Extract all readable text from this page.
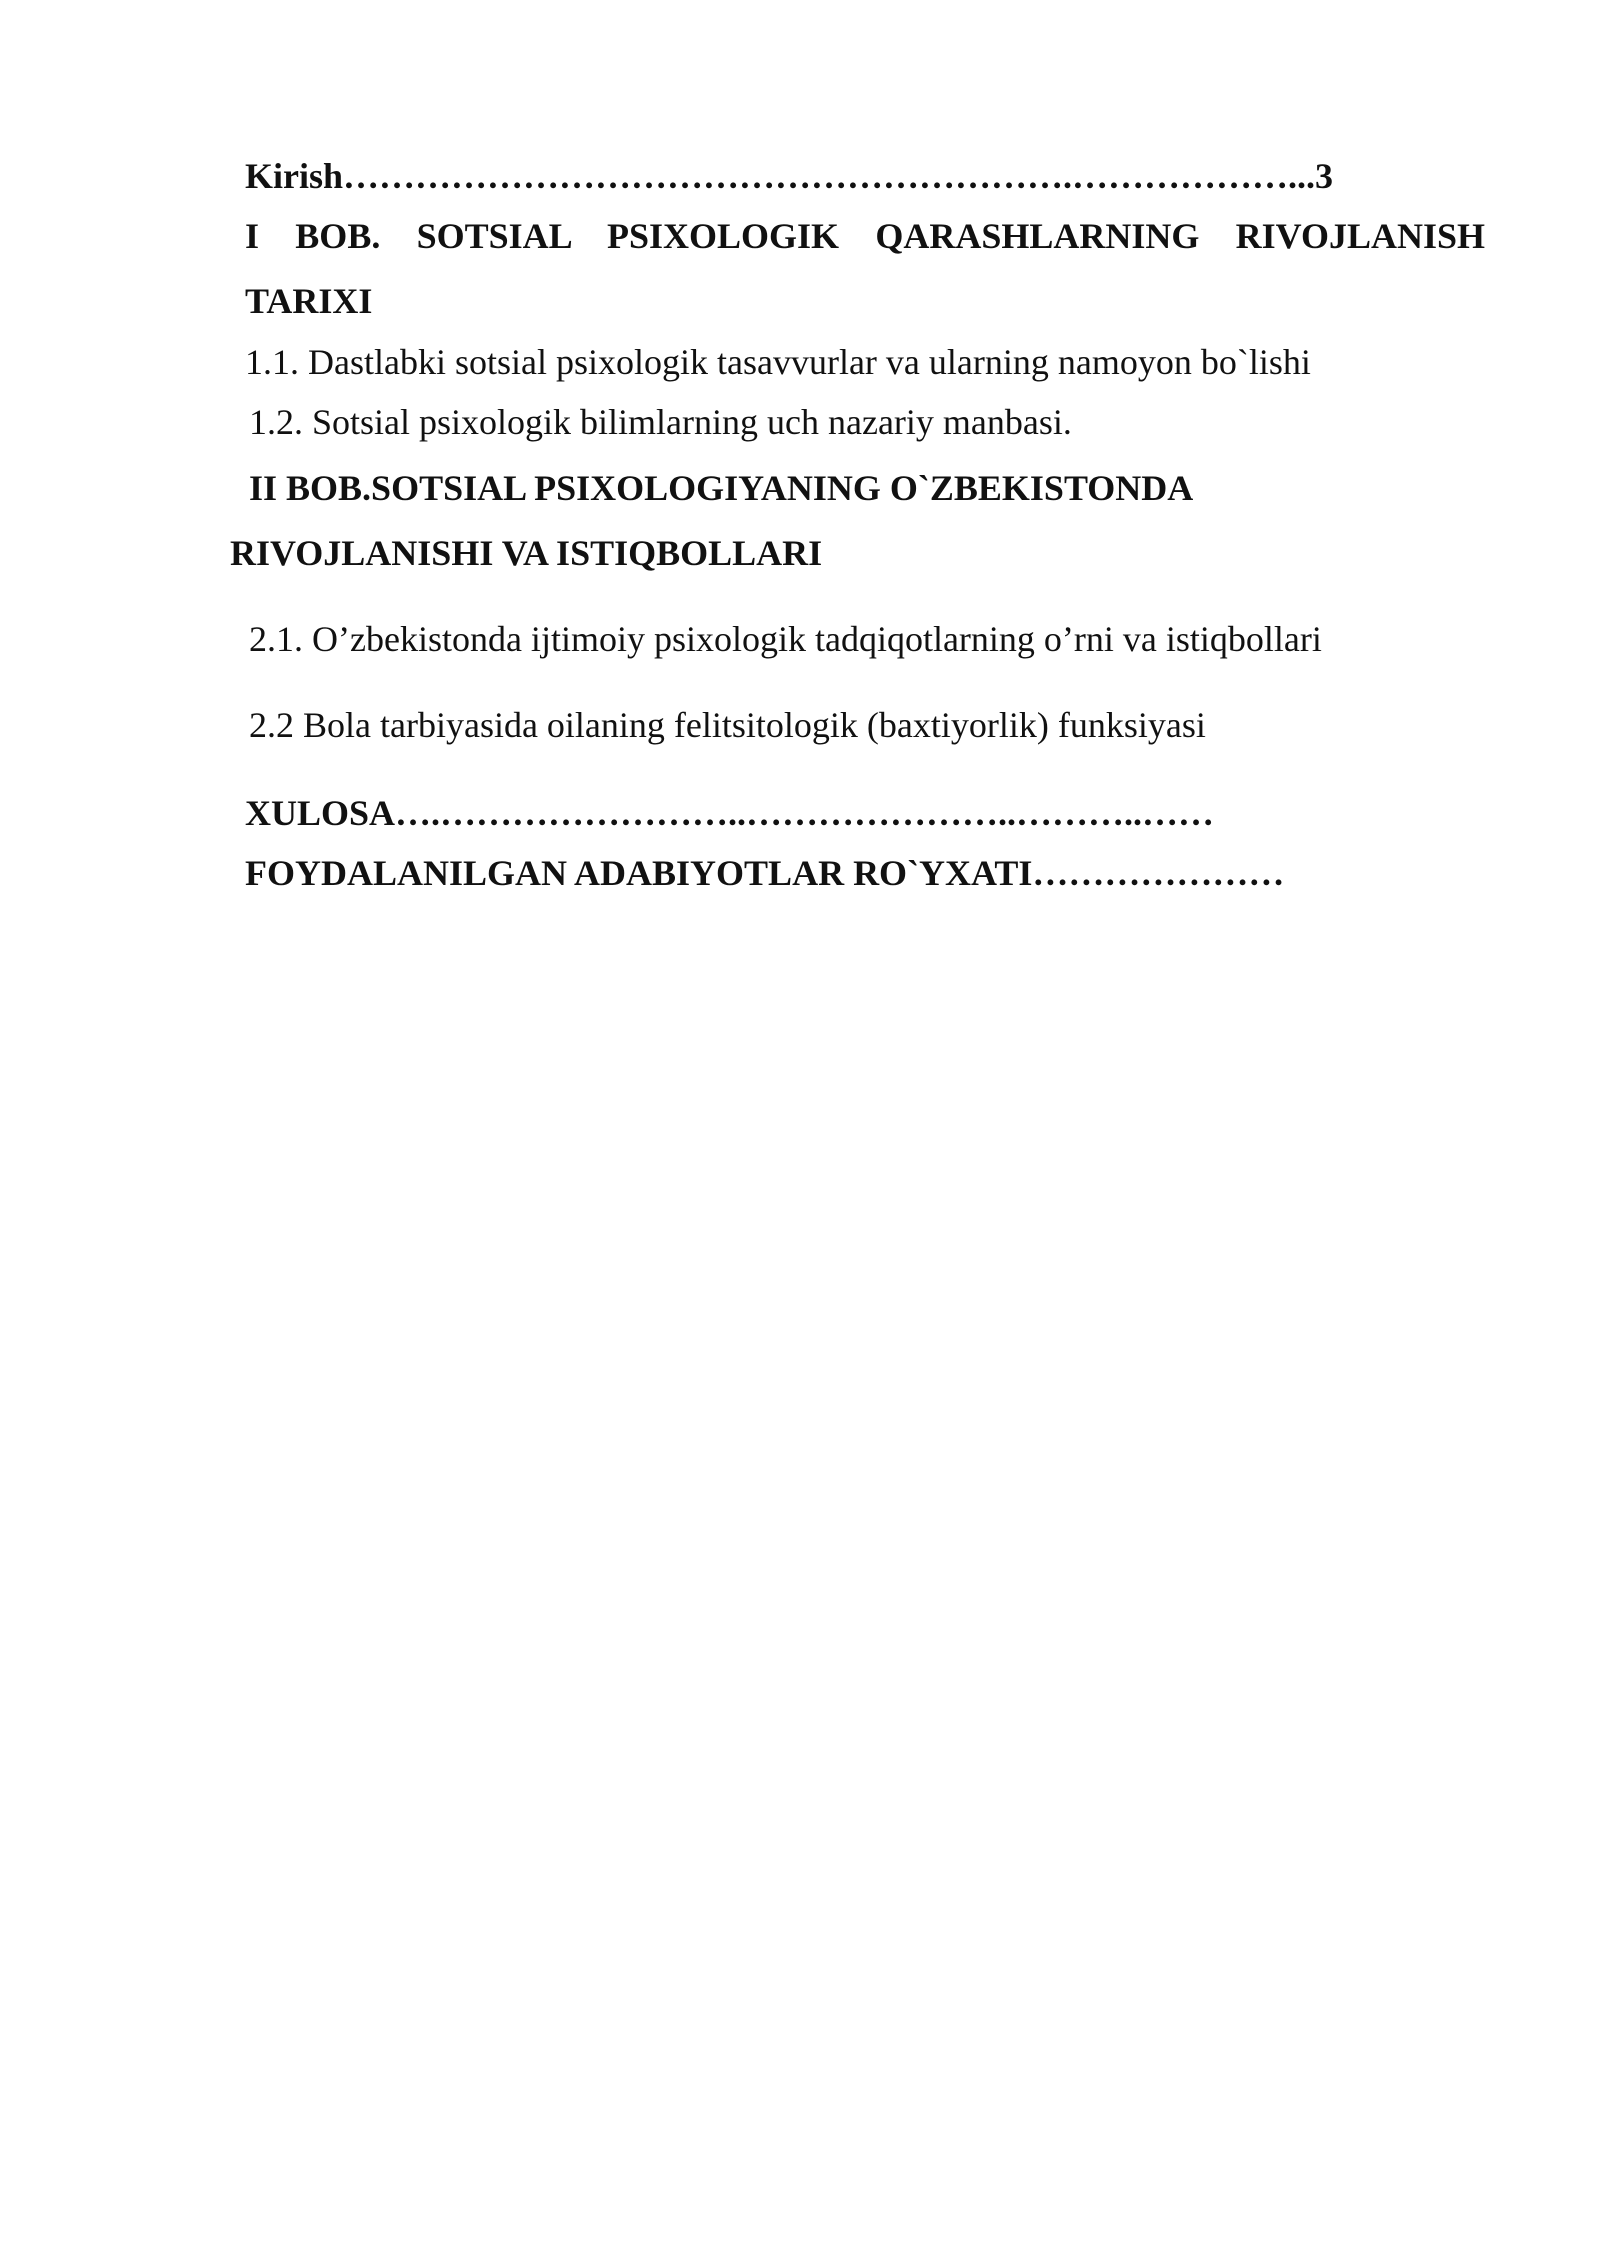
Kirish…………………………………………………….………………...3
I BOB. SOTSIAL PSIXOLOGIK QARASHLARNING RIVOJLANISH
TARIXI
1.1. Dastlabki sotsial psixologik tasavvurlar va ularning namoyon bo`lishi
1.2. Sotsial psixologik bilimlarning uch nazariy manbasi.
II BOB.SOTSIAL PSIXOLOGIYANING O`ZBEKISTONDA
RIVOJLANISHI VA ISTIQBOLLARI
2.1. O’zbekistonda ijtimoiy psixologik tadqiqotlarning o’rni va istiqbollari
2.2 Bola tarbiyasida oilaning felitsitologik (baxtiyorlik) funksiyasi
XULOSA….……………………..…………………..………..……
FOYDALANILGAN ADABIYOTLAR RO`YXATI…………………
